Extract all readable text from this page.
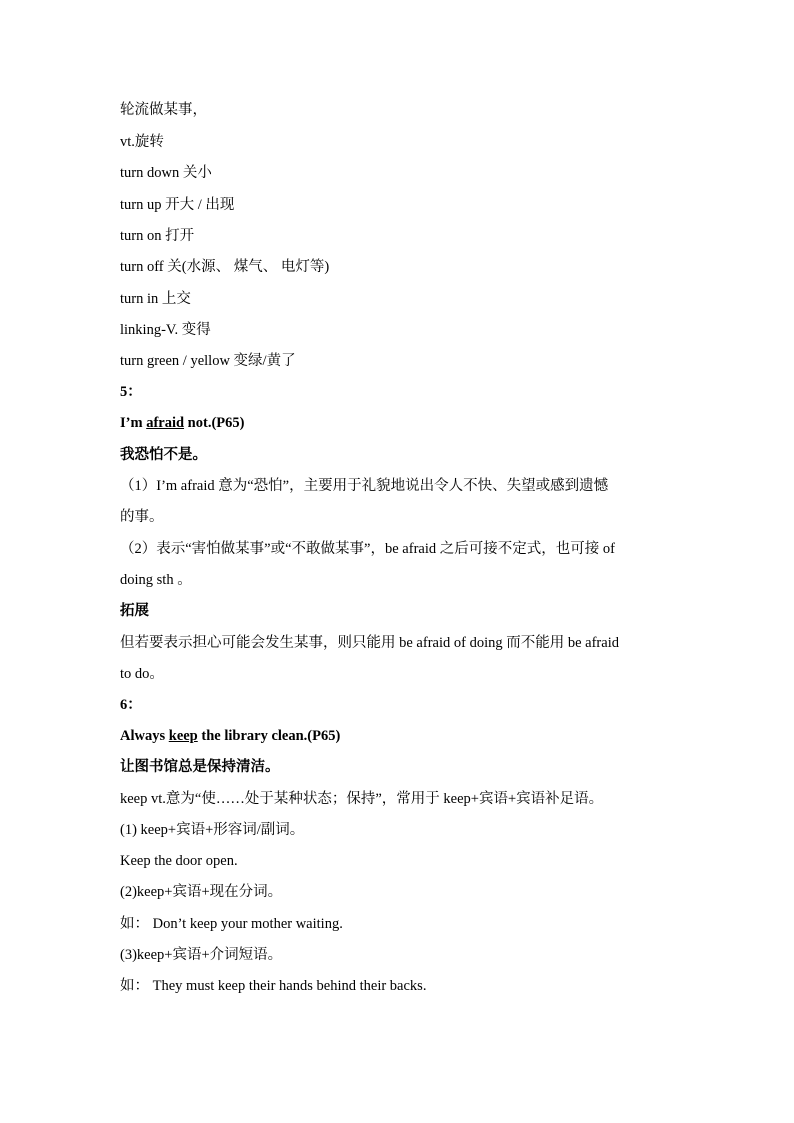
轮流做某事，
vt.旋转
turn down 关小
turn up 开大 / 出现
turn on 打开
turn off 关(水源、 煤气、 电灯等)
turn in 上交
linking-V. 变得
turn green / yellow 变绿/黄了
5：
I’m afraid not.(P65)
我恐怕不是。
（1）I’m afraid 意为“恐怕”，主要用于礼貌地说出令人不快、失望或感到遗憾
的事。
（2）表示“害怕做某事”或“不敢做某事”，be afraid 之后可接不定式，也可接 of
doing sth 。
拓展
但若要表示担心可能会发生某事，则只能用 be afraid of doing 而不能用 be afraid
to do。
6：
Always keep the library clean.(P65)
让图书馆总是保持清洁。
keep vt.意为“使……处于某种状态；保持”，常用于 keep+宾语+宾语补足语。
(1) keep+宾语+形容词/副词。
Keep the door open.
(2)keep+宾语+现在分词。
如： Don’t keep your mother waiting.
(3)keep+宾语+介词短语。
如： They must keep their hands behind their backs.
